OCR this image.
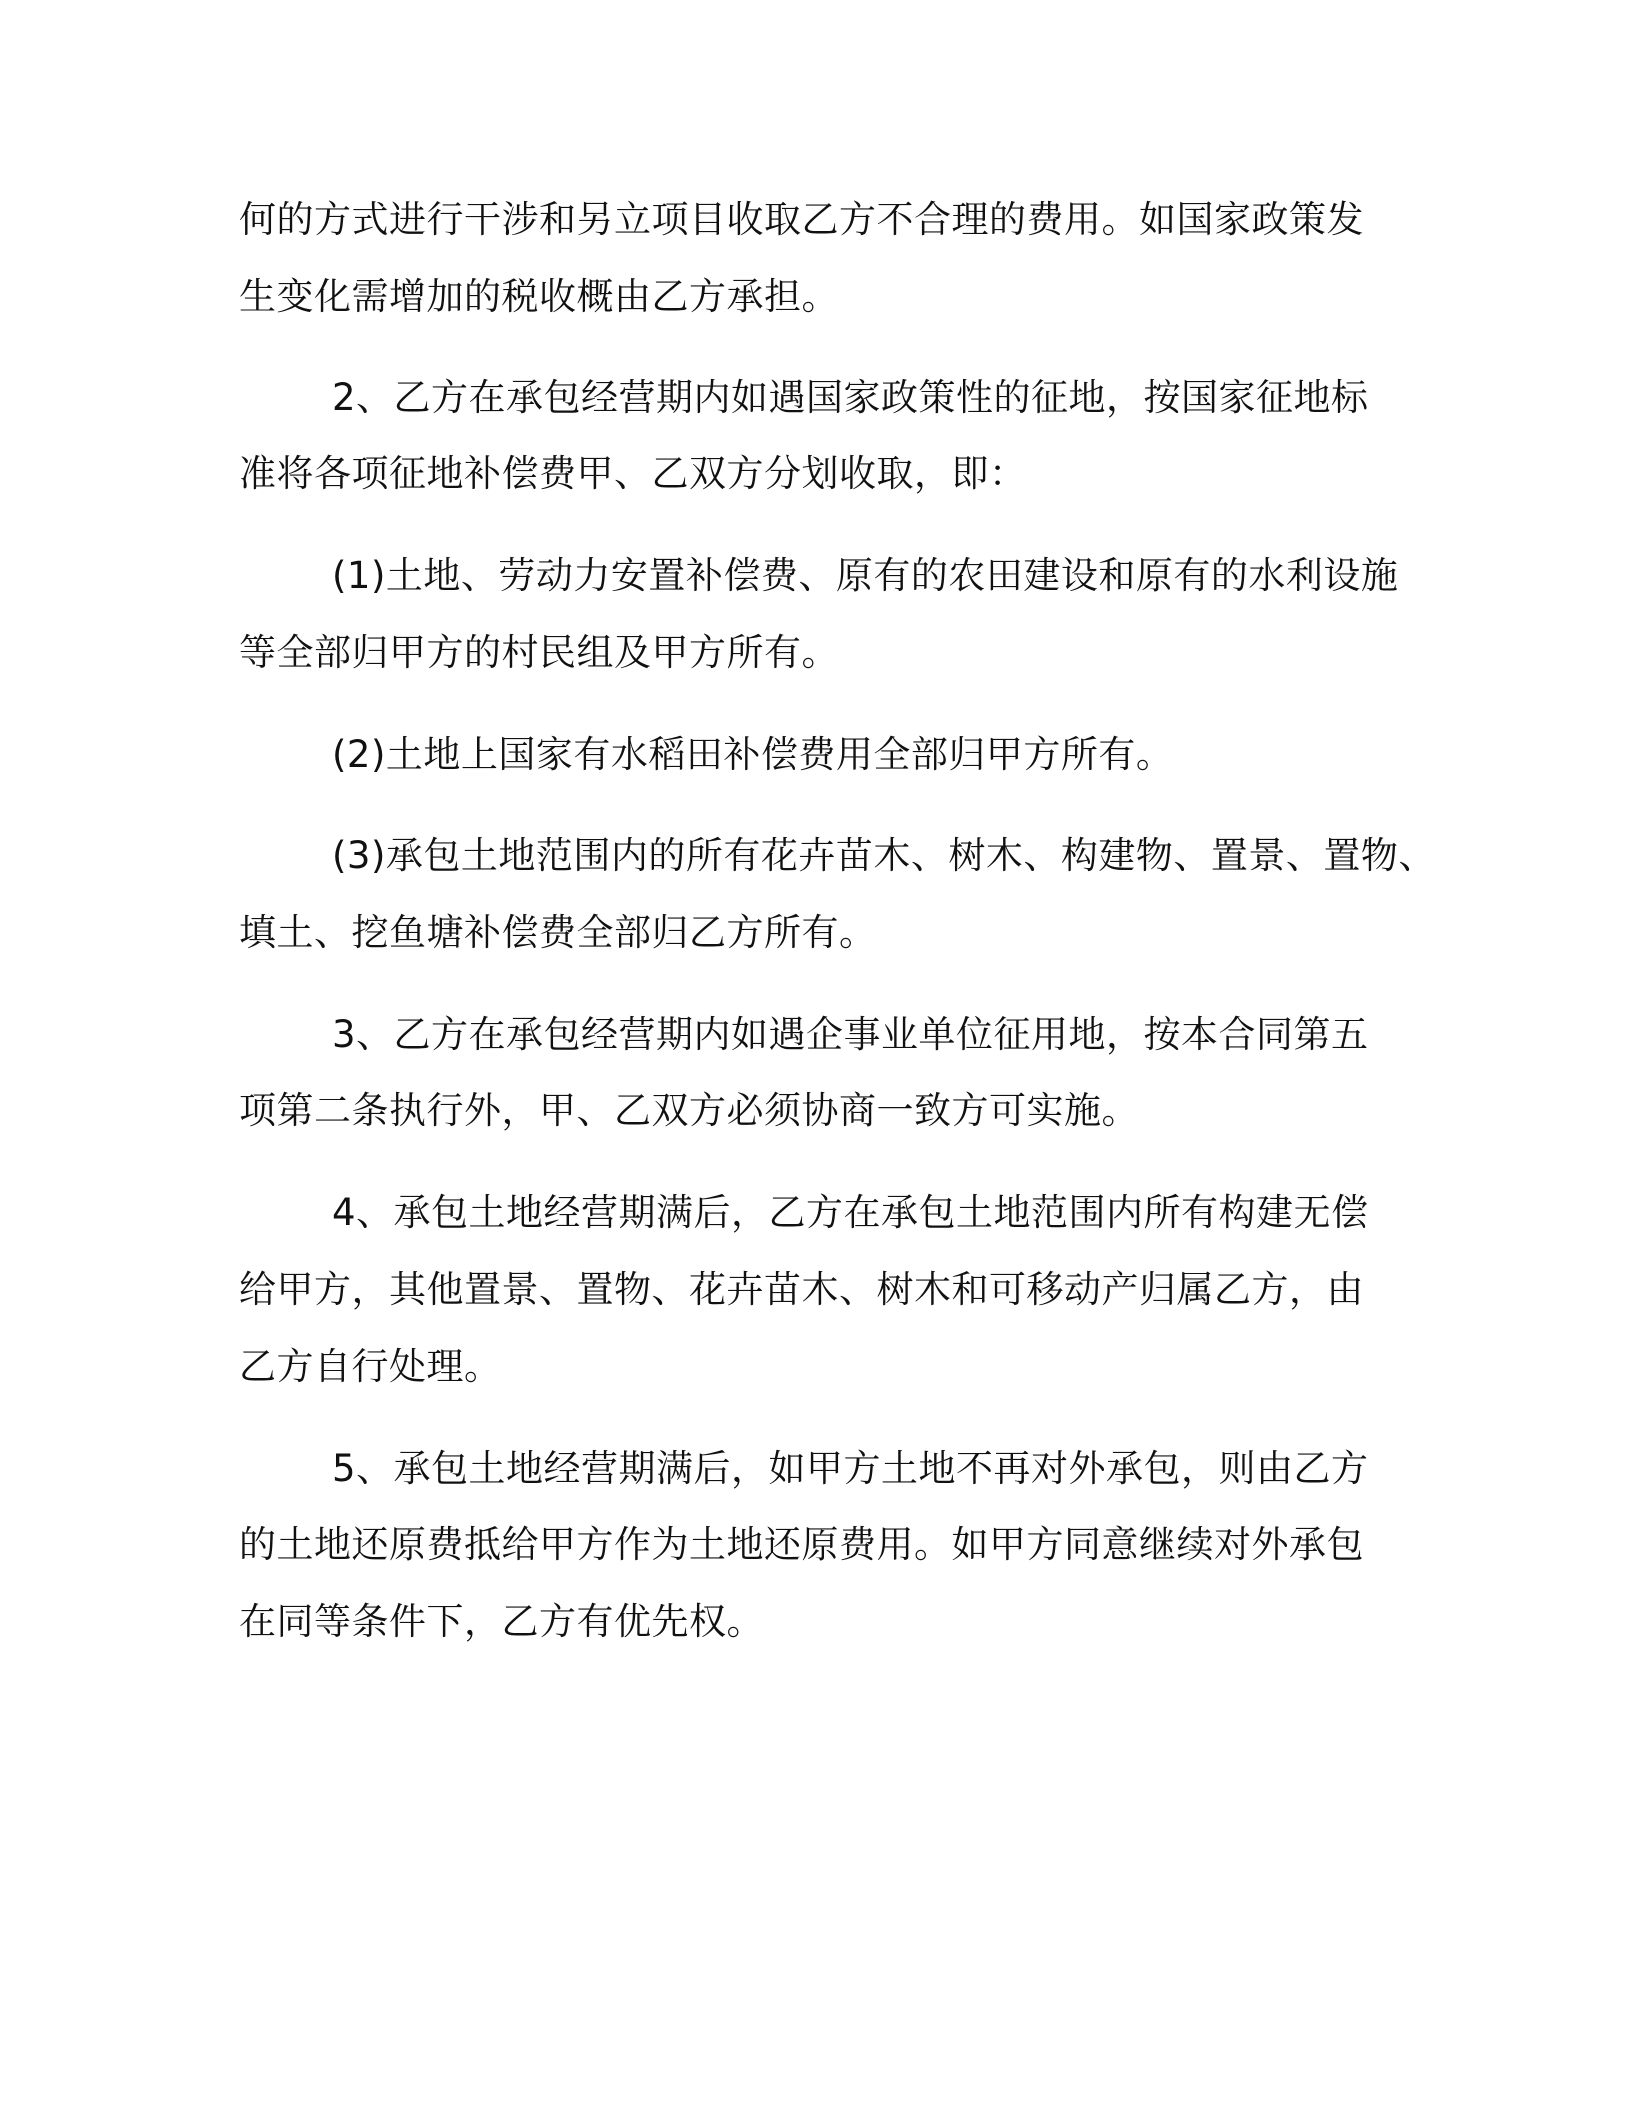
何的方式进行干涉和另立项目收取乙方不合理的费用。如国家政策发
生变化需增加的税收概由乙方承担。
2、乙方在承包经营期内如遇国家政策性的征地，按国家征地标
准将各项征地补偿费甲、乙双方分划收取，即：
(1)土地、劳动力安置补偿费、原有的农田建设和原有的水利设施
等全部归甲方的村民组及甲方所有。
(2)土地上国家有水稻田补偿费用全部归甲方所有。
(3)承包土地范围内的所有花卉苗木、树木、构建物、置景、置物、
填土、挖鱼塘补偿费全部归乙方所有。
3、乙方在承包经营期内如遇企事业单位征用地，按本合同第五
项第二条执行外，甲、乙双方必须协商一致方可实施。
4、承包土地经营期满后，乙方在承包土地范围内所有构建无偿
给甲方，其他置景、置物、花卉苗木、树木和可移动产归属乙方，由
乙方自行处理。
5、承包土地经营期满后，如甲方土地不再对外承包，则由乙方
的土地还原费抵给甲方作为土地还原费用。如甲方同意继续对外承包
在同等条件下，乙方有优先权。
